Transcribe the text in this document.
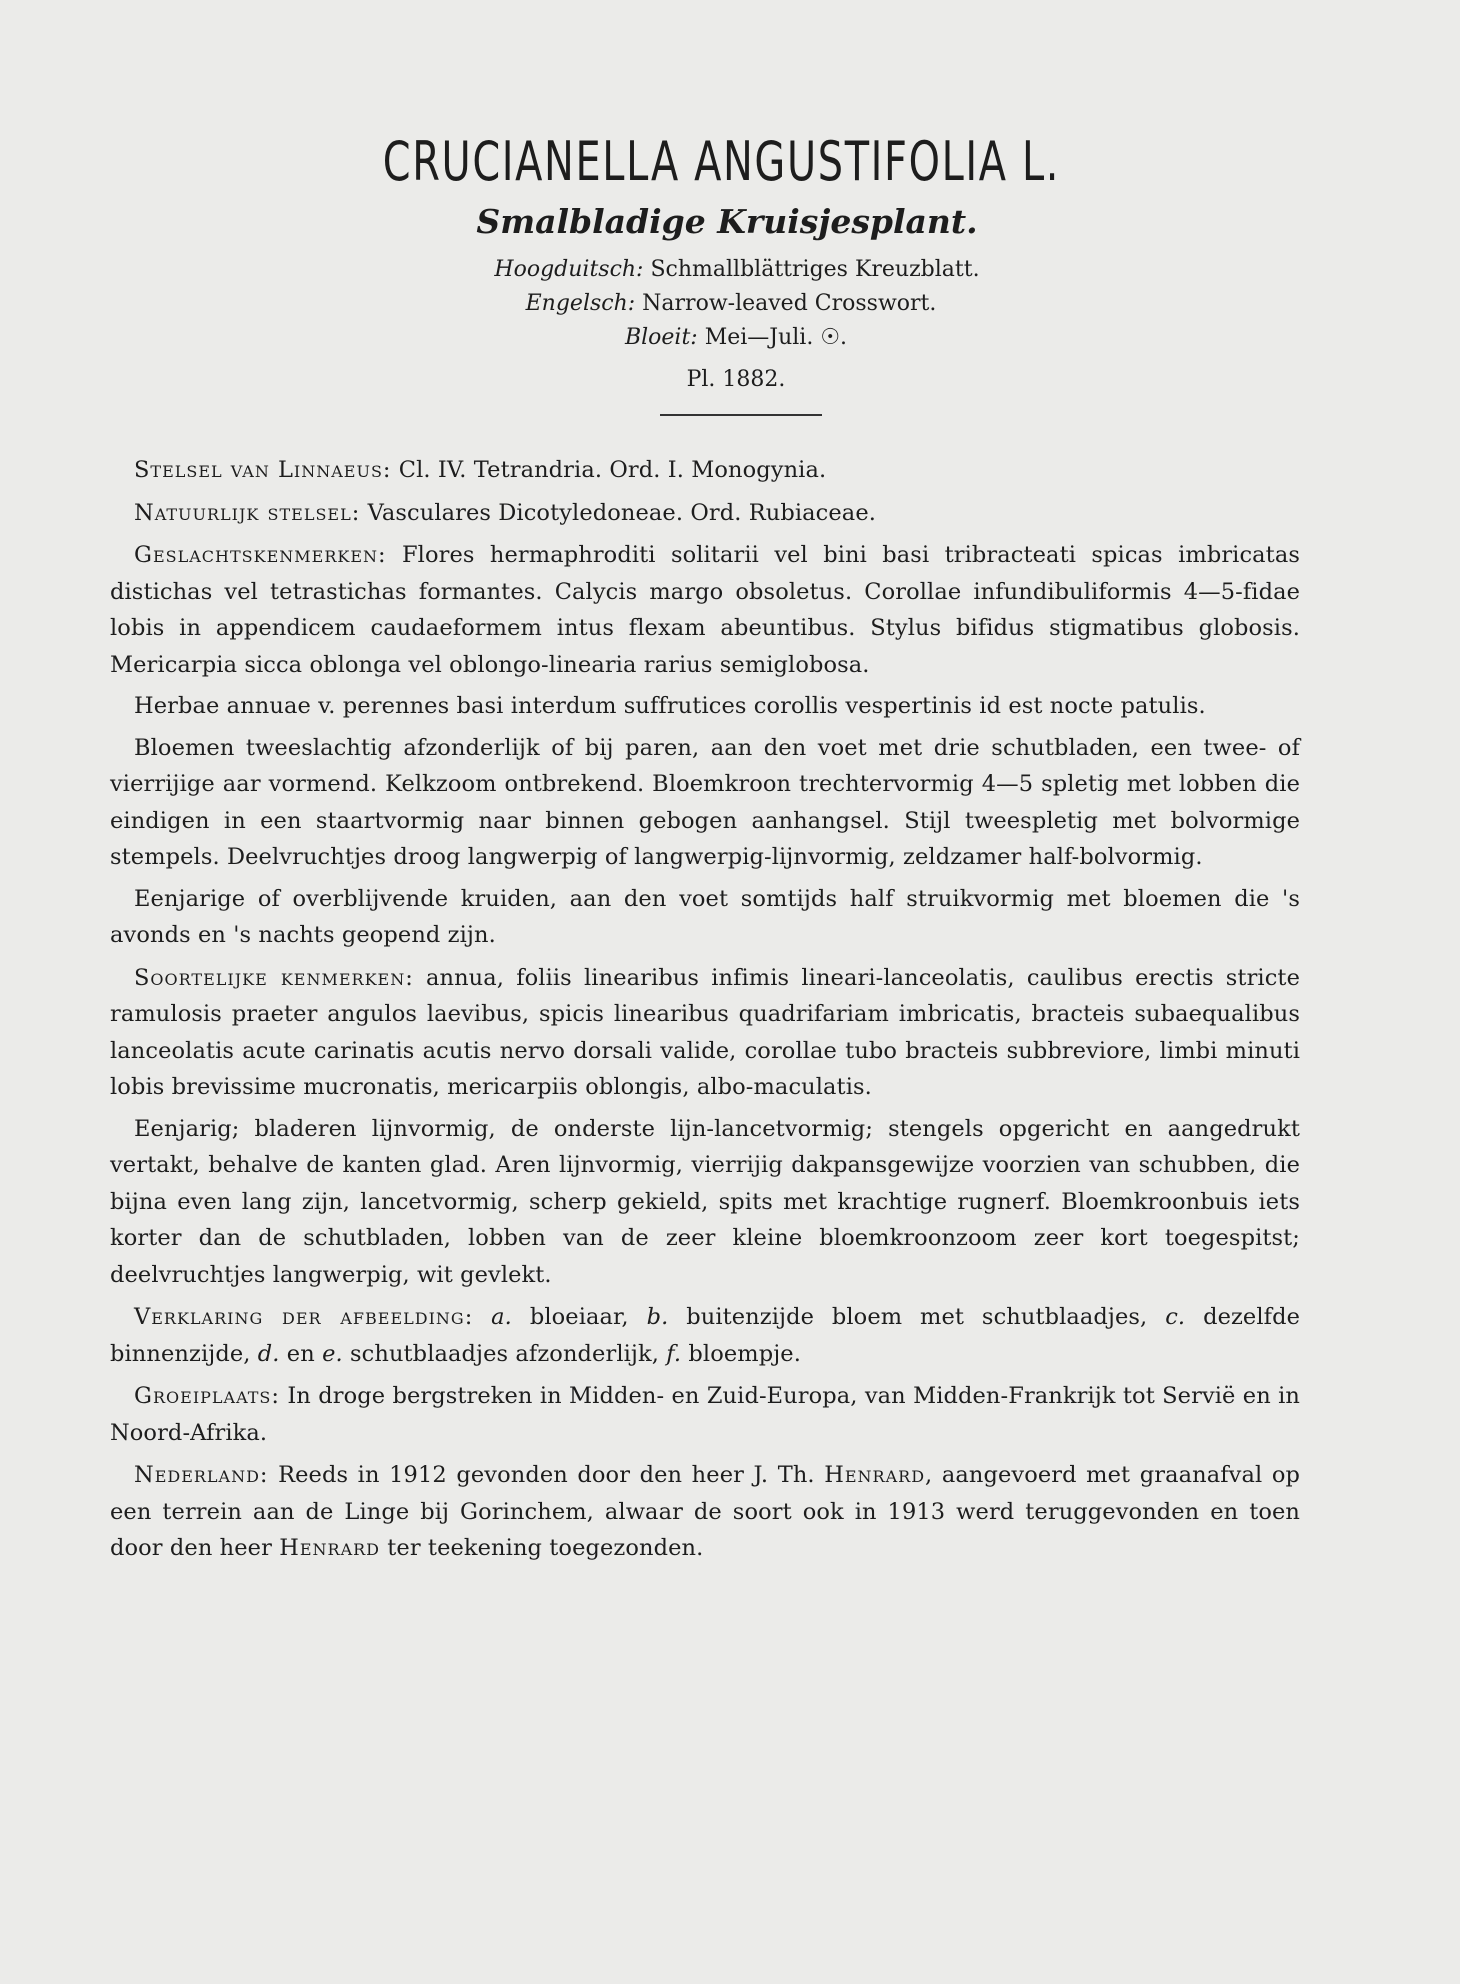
CRUCIANELLA ANGUSTIFOLIA L.
Smalbladige Kruisjesplant.

Hoogduitsch: Schmallblättriges Kreuzblatt.

Engelsch: Narrow-leaved Crosswort.

Bloeit: Mei—Juli. ☉.

Pl. 1882.

Stelsel van Linnaeus: Cl. IV. Tetrandria. Ord. I. Monogynia.

Natuurlijk stelsel: Vasculares Dicotyledoneae. Ord. Rubiaceae.

Geslachtskenmerken: Flores hermaphroditi solitarii vel bini basi tribracteati spicas imbricatas distichas vel tetrastichas formantes. Calycis margo obsoletus. Corollae infundibuliformis 4—5-fidae lobis in appendicem caudaeformem intus flexam abeuntibus. Stylus bifidus stigmatibus globosis. Mericarpia sicca oblonga vel oblongo-linearia rarius semiglobosa.

Herbae annuae v. perennes basi interdum suffrutices corollis vespertinis id est nocte patulis.

Bloemen tweeslachtig afzonderlijk of bij paren, aan den voet met drie schutbladen, een twee- of vierrijige aar vormend. Kelkzoom ontbrekend. Bloemkroon trechtervormig 4—5 spletig met lobben die eindigen in een staartvormig naar binnen gebogen aanhangsel. Stijl tweespletig met bolvormige stempels. Deelvruchtjes droog langwerpig of langwerpig-lijnvormig, zeldzamer half-bolvormig.

Eenjarige of overblijvende kruiden, aan den voet somtijds half struikvormig met bloemen die 's avonds en 's nachts geopend zijn.

Soortelijke kenmerken: annua, foliis linearibus infimis lineari-lanceolatis, caulibus erectis stricte ramulosis praeter angulos laevibus, spicis linearibus quadrifariam imbricatis, bracteis subaequalibus lanceolatis acute carinatis acutis nervo dorsali valide, corollae tubo bracteis subbreviore, limbi minuti lobis brevissime mucronatis, mericarpiis oblongis, albo-maculatis.

Eenjarig; bladeren lijnvormig, de onderste lijn-lancetvormig; stengels opgericht en aangedrukt vertakt, behalve de kanten glad. Aren lijnvormig, vierrijig dakpansgewijze voorzien van schubben, die bijna even lang zijn, lancetvormig, scherp gekield, spits met krachtige rugnerf. Bloemkroonbuis iets korter dan de schutbladen, lobben van de zeer kleine bloemkroonzoom zeer kort toegespitst; deelvruchtjes langwerpig, wit gevlekt.

Verklaring der afbeelding: a. bloeiaar, b. buitenzijde bloem met schutblaadjes, c. dezelfde binnenzijde, d. en e. schutblaadjes afzonderlijk, f. bloempje.

Groeiplaats: In droge bergstreken in Midden- en Zuid-Europa, van Midden-Frankrijk tot Servië en in Noord-Afrika.

Nederland: Reeds in 1912 gevonden door den heer J. Th. Henrard, aangevoerd met graanafval op een terrein aan de Linge bij Gorinchem, alwaar de soort ook in 1913 werd teruggevonden en toen door den heer Henrard ter teekening toegezonden.
